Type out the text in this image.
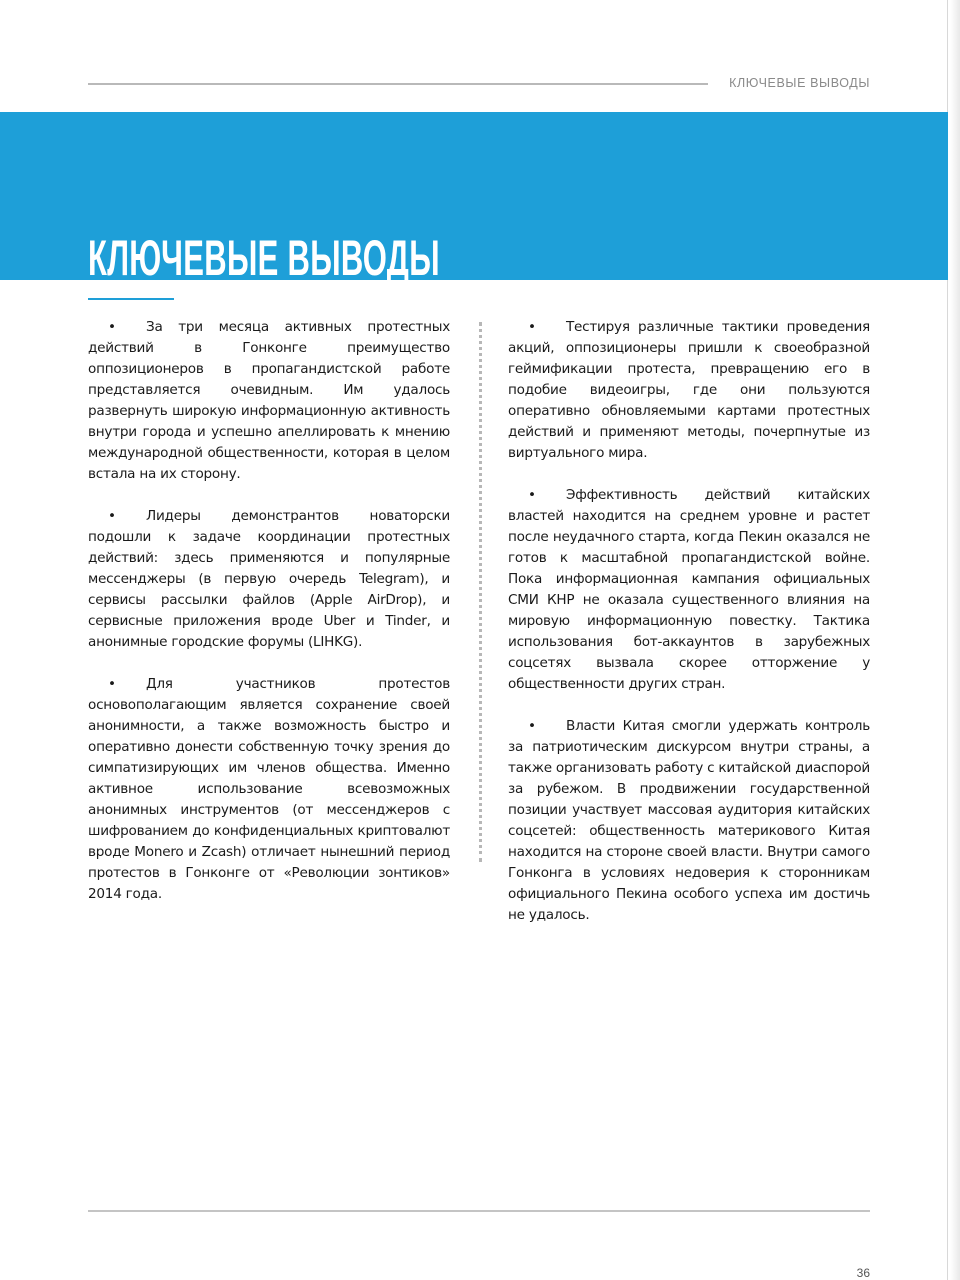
КЛЮЧЕВЫЕ ВЫВОДЫ
КЛЮЧЕВЫЕ ВЫВОДЫ

• За три месяца активных протестных действий в Гонконге преимущество оппозиционеров в пропагандистской работе представляется очевидным. Им удалось развернуть широкую информационную активность внутри города и успешно апеллировать к мнению международной общественности, которая в целом встала на их сторону.

• Лидеры демонстрантов новаторски подошли к задаче координации протестных действий: здесь применяются и популярные мессенджеры (в первую очередь Telegram), и сервисы рассылки файлов (Apple AirDrop), и сервисные приложения вроде Uber и Tinder, и анонимные городские форумы (LIHKG).

• Для участников протестов основополагающим является сохранение своей анонимности, а также возможность быстро и оперативно донести собственную точку зрения до симпатизирующих им членов общества. Именно активное использование всевозможных анонимных инструментов (от мессенджеров с шифрованием до конфиденциальных криптовалют вроде Monero и Zcash) отличает нынешний период протестов в Гонконге от «Революции зонтиков» 2014 года.

• Тестируя различные тактики проведения акций, оппозиционеры пришли к своеобразной геймификации протеста, превращению его в подобие видеоигры, где они пользуются оперативно обновляемыми картами протестных действий и применяют методы, почерпнутые из виртуального мира.

• Эффективность действий китайских властей находится на среднем уровне и растет после неудачного старта, когда Пекин оказался не готов к масштабной пропагандистской войне. Пока информационная кампания официальных СМИ КНР не оказала существенного влияния на мировую информационную повестку. Тактика использования бот-аккаунтов в зарубежных соцсетях вызвала скорее отторжение у общественности других стран.

• Власти Китая смогли удержать контроль за патриотическим дискурсом внутри страны, а также организовать работу с китайской диаспорой за рубежом. В продвижении государственной позиции участвует массовая аудитория китайских соцсетей: общественность материкового Китая находится на стороне своей власти. Внутри самого Гонконга в условиях недоверия к сторонникам официального Пекина особого успеха им достичь не удалось.

36
